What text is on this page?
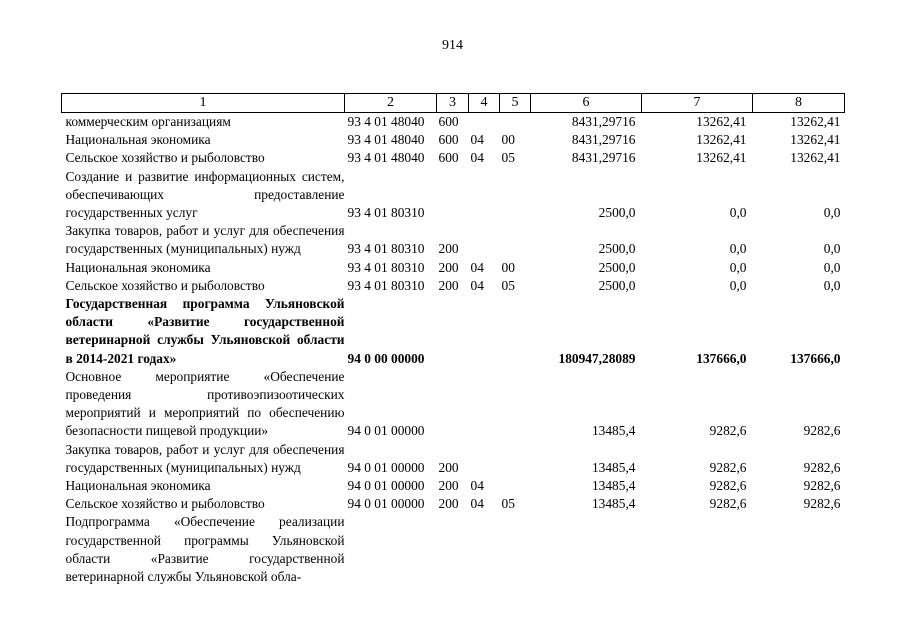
914
1	2	3	4	5	6	7	8
коммерческим организациям	93 4 01 48040	600			8431,29716	13262,41	13262,41
Национальная экономика	93 4 01 48040	600	04	00	8431,29716	13262,41	13262,41
Сельское хозяйство и рыболовство	93 4 01 48040	600	04	05	8431,29716	13262,41	13262,41
Создание и развитие информационных систем, обеспечивающих предоставление государственных услуг	93 4 01 80310				2500,0	0,0	0,0
Закупка товаров, работ и услуг для обеспечения государственных (муниципальных) нужд	93 4 01 80310	200			2500,0	0,0	0,0
Национальная экономика	93 4 01 80310	200	04	00	2500,0	0,0	0,0
Сельское хозяйство и рыболовство	93 4 01 80310	200	04	05	2500,0	0,0	0,0
Государственная программа Ульяновской области «Развитие государственной ветеринарной службы Ульяновской области в 2014-2021 годах»	94 0 00 00000				180947,28089	137666,0	137666,0
Основное мероприятие «Обеспечение проведения противоэпизоотических мероприятий и мероприятий по обеспечению безопасности пищевой продукции»	94 0 01 00000				13485,4	9282,6	9282,6
Закупка товаров, работ и услуг для обеспечения государственных (муниципальных) нужд	94 0 01 00000	200			13485,4	9282,6	9282,6
Национальная экономика	94 0 01 00000	200	04		13485,4	9282,6	9282,6
Сельское хозяйство и рыболовство	94 0 01 00000	200	04	05	13485,4	9282,6	9282,6
Подпрограмма «Обеспечение реализации государственной программы Ульяновской области «Развитие государственной ветеринарной службы Ульяновской обла-							
